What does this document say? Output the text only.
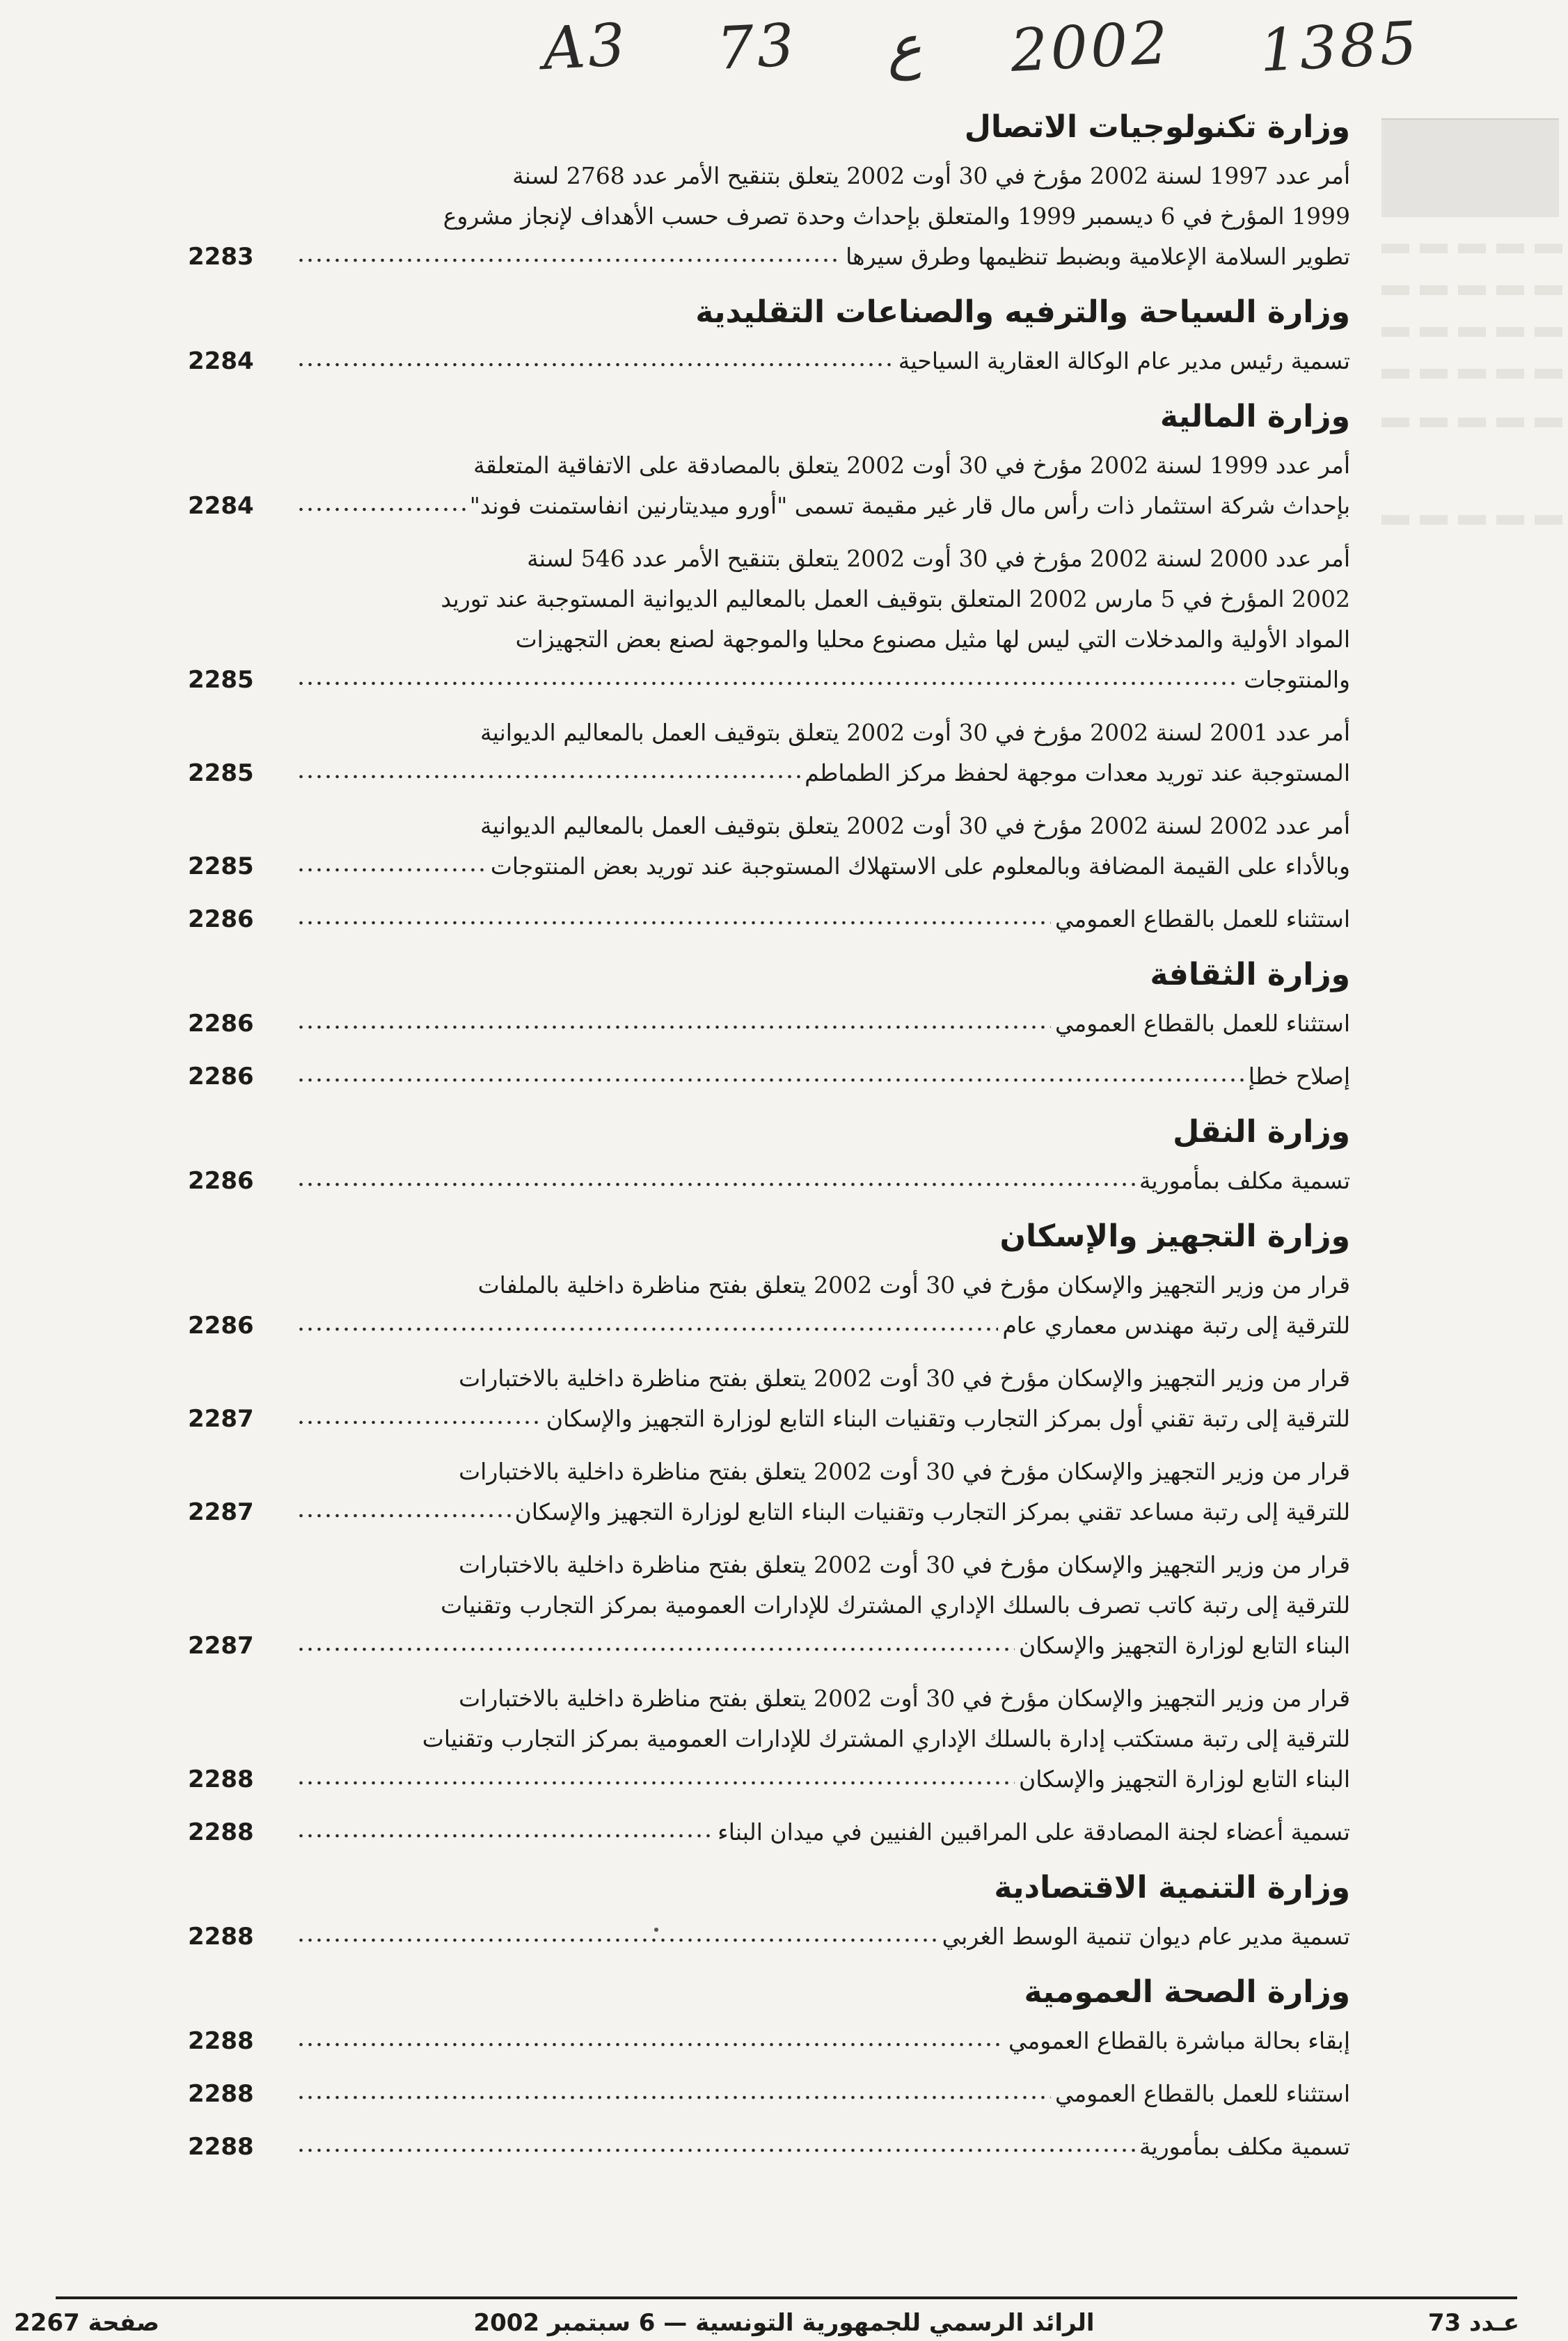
A3 73 ع 2002 1385
وزارة تكنولوجيات الاتصال
أمر عدد 1997 لسنة 2002 مؤرخ في 30 أوت 2002 يتعلق بتنقيح الأمر عدد 2768 لسنة
1999 المؤرخ في 6 ديسمبر 1999 والمتعلق بإحداث وحدة تصرف حسب الأهداف لإنجاز مشروع
تطوير السلامة الإعلامية وبضبط تنظيمها وطرق سيرها
2283
وزارة السياحة والترفيه والصناعات التقليدية
تسمية رئيس مدير عام الوكالة العقارية السياحية
2284
وزارة المالية
أمر عدد 1999 لسنة 2002 مؤرخ في 30 أوت 2002 يتعلق بالمصادقة على الاتفاقية المتعلقة
بإحداث شركة استثمار ذات رأس مال قار غير مقيمة تسمى "أورو ميديتارنين انفاستمنت فوند"
2284
أمر عدد 2000 لسنة 2002 مؤرخ في 30 أوت 2002 يتعلق بتنقيح الأمر عدد 546 لسنة
2002 المؤرخ في 5 مارس 2002 المتعلق بتوقيف العمل بالمعاليم الديوانية المستوجبة عند توريد
المواد الأولية والمدخلات التي ليس لها مثيل مصنوع محليا والموجهة لصنع بعض التجهيزات
والمنتوجات
2285
أمر عدد 2001 لسنة 2002 مؤرخ في 30 أوت 2002 يتعلق بتوقيف العمل بالمعاليم الديوانية
المستوجبة عند توريد معدات موجهة لحفظ مركز الطماطم
2285
أمر عدد 2002 لسنة 2002 مؤرخ في 30 أوت 2002 يتعلق بتوقيف العمل بالمعاليم الديوانية
وبالأداء على القيمة المضافة وبالمعلوم على الاستهلاك المستوجبة عند توريد بعض المنتوجات
2285
استثناء للعمل بالقطاع العمومي
2286
وزارة الثقافة
استثناء للعمل بالقطاع العمومي
2286
إصلاح خطإ
2286
وزارة النقل
تسمية مكلف بمأمورية
2286
وزارة التجهيز والإسكان
قرار من وزير التجهيز والإسكان مؤرخ في 30 أوت 2002 يتعلق بفتح مناظرة داخلية بالملفات
للترقية إلى رتبة مهندس معماري عام
2286
قرار من وزير التجهيز والإسكان مؤرخ في 30 أوت 2002 يتعلق بفتح مناظرة داخلية بالاختبارات
للترقية إلى رتبة تقني أول بمركز التجارب وتقنيات البناء التابع لوزارة التجهيز والإسكان
2287
قرار من وزير التجهيز والإسكان مؤرخ في 30 أوت 2002 يتعلق بفتح مناظرة داخلية بالاختبارات
للترقية إلى رتبة مساعد تقني بمركز التجارب وتقنيات البناء التابع لوزارة التجهيز والإسكان
2287
قرار من وزير التجهيز والإسكان مؤرخ في 30 أوت 2002 يتعلق بفتح مناظرة داخلية بالاختبارات
للترقية إلى رتبة كاتب تصرف بالسلك الإداري المشترك للإدارات العمومية بمركز التجارب وتقنيات
البناء التابع لوزارة التجهيز والإسكان
2287
قرار من وزير التجهيز والإسكان مؤرخ في 30 أوت 2002 يتعلق بفتح مناظرة داخلية بالاختبارات
للترقية إلى رتبة مستكتب إدارة بالسلك الإداري المشترك للإدارات العمومية بمركز التجارب وتقنيات
البناء التابع لوزارة التجهيز والإسكان
2288
تسمية أعضاء لجنة المصادقة على المراقبين الفنيين في ميدان البناء
2288
وزارة التنمية الاقتصادية
تسمية مدير عام ديوان تنمية الوسط الغربي
2288
وزارة الصحة العمومية
إبقاء بحالة مباشرة بالقطاع العمومي
2288
استثناء للعمل بالقطاع العمومي
2288
تسمية مكلف بمأمورية
2288
عـدد 73
الرائد الرسمي للجمهورية التونسية — 6 سبتمبر 2002
صفحة 2267
